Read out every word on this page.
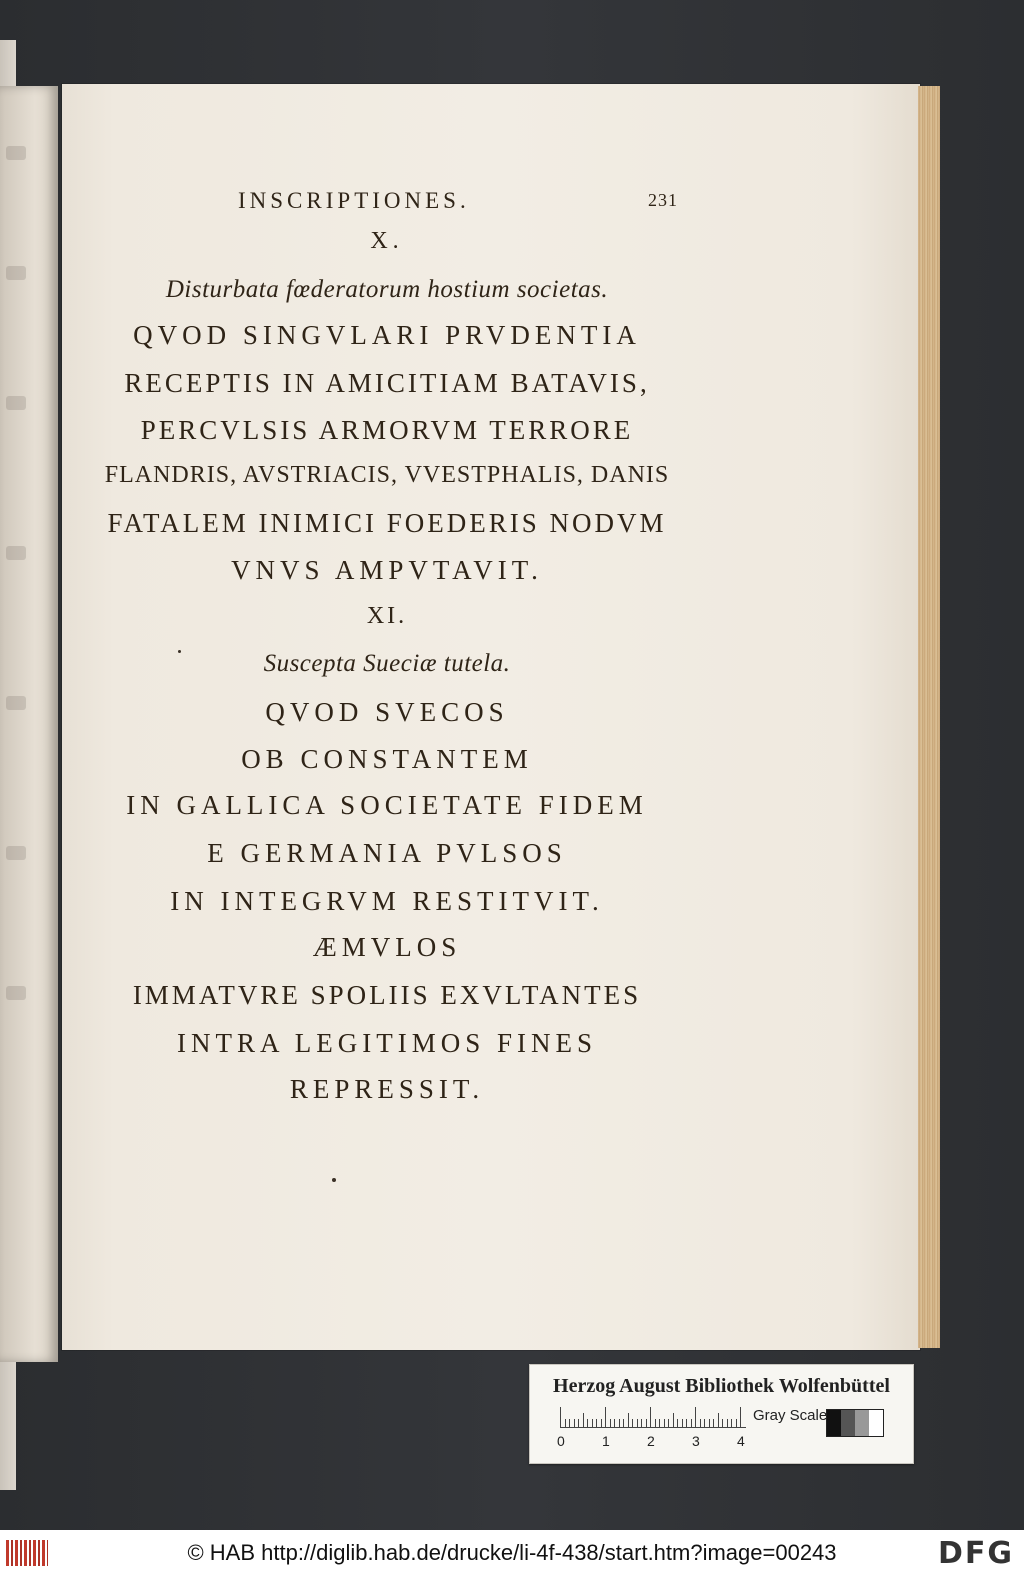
INSCRIPTIONES.	231
X.
Disturbata fœderatorum hostium societas.
QVOD SINGVLARI PRVDENTIA
RECEPTIS IN AMICITIAM BATAVIS,
PERCVLSIS ARMORVM TERRORE
FLANDRIS, AVSTRIACIS, VVESTPHALIS, DANIS
FATALEM INIMICI FOEDERIS NODVM
VNVS AMPVTAVIT.
XI.
Suscepta Sueciæ tutela.
QVOD SVECOS
OB CONSTANTEM
IN GALLICA SOCIETATE FIDEM
E GERMANIA PVLSOS
IN INTEGRVM RESTITVIT.
ÆMVLOS
IMMATVRE SPOLIIS EXVLTANTES
INTRA LEGITIMOS FINES
REPRESSIT.
Herzog August Bibliothek Wolfenbüttel
0	1	2	3	4
Gray Scale
© HAB http://diglib.hab.de/drucke/li-4f-438/start.htm?image=00243	DFG
